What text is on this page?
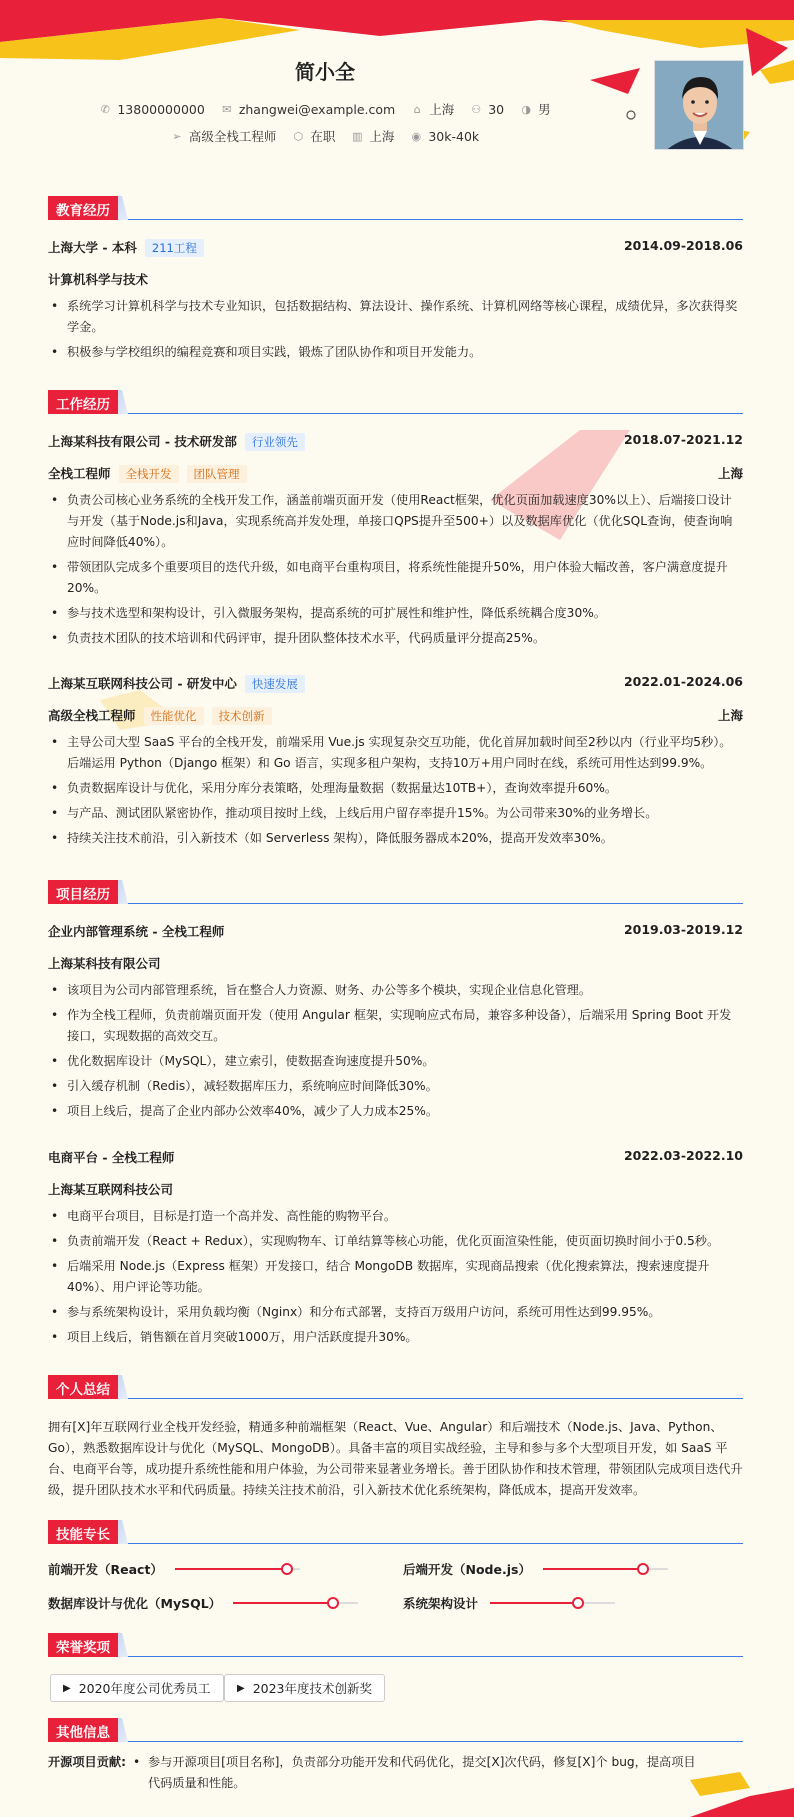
简小全
✆ 13800000000 ✉ zhangwei@example.com ⌂ 上海 ⚇ 30 ◑ 男
➢ 高级全栈工程师 ⬡ 在职 ▥ 上海 ◉ 30k-40k
教育经历
上海大学 - 本科 211工程	2014.09-2018.06
计算机科学与技术
• 系统学习计算机科学与技术专业知识，包括数据结构、算法设计、操作系统、计算机网络等核心课程，成绩优异，多次获得奖学金。
• 积极参与学校组织的编程竞赛和项目实践，锻炼了团队协作和项目开发能力。
工作经历
上海某科技有限公司 - 技术研发部 行业领先	2018.07-2021.12
全栈工程师 全栈开发 团队管理	上海
• 负责公司核心业务系统的全栈开发工作，涵盖前端页面开发（使用React框架，优化页面加载速度30%以上）、后端接口设计与开发（基于Node.js和Java，实现系统高并发处理，单接口QPS提升至500+）以及数据库优化（优化SQL查询，使查询响应时间降低40%）。
• 带领团队完成多个重要项目的迭代升级，如电商平台重构项目，将系统性能提升50%，用户体验大幅改善，客户满意度提升20%。
• 参与技术选型和架构设计，引入微服务架构，提高系统的可扩展性和维护性，降低系统耦合度30%。
• 负责技术团队的技术培训和代码评审，提升团队整体技术水平，代码质量评分提高25%。
上海某互联网科技公司 - 研发中心 快速发展	2022.01-2024.06
高级全栈工程师 性能优化 技术创新	上海
• 主导公司大型 SaaS 平台的全栈开发，前端采用 Vue.js 实现复杂交互功能，优化首屏加载时间至2秒以内（行业平均5秒）。后端运用 Python（Django 框架）和 Go 语言，实现多租户架构，支持10万+用户同时在线，系统可用性达到99.9%。
• 负责数据库设计与优化，采用分库分表策略，处理海量数据（数据量达10TB+），查询效率提升60%。
• 与产品、测试团队紧密协作，推动项目按时上线，上线后用户留存率提升15%。为公司带来30%的业务增长。
• 持续关注技术前沿，引入新技术（如 Serverless 架构），降低服务器成本20%，提高开发效率30%。
项目经历
企业内部管理系统 - 全栈工程师	2019.03-2019.12
上海某科技有限公司
• 该项目为公司内部管理系统，旨在整合人力资源、财务、办公等多个模块，实现企业信息化管理。
• 作为全栈工程师，负责前端页面开发（使用 Angular 框架，实现响应式布局，兼容多种设备），后端采用 Spring Boot 开发接口，实现数据的高效交互。
• 优化数据库设计（MySQL），建立索引，使数据查询速度提升50%。
• 引入缓存机制（Redis），减轻数据库压力，系统响应时间降低30%。
• 项目上线后，提高了企业内部办公效率40%，减少了人力成本25%。
电商平台 - 全栈工程师	2022.03-2022.10
上海某互联网科技公司
• 电商平台项目，目标是打造一个高并发、高性能的购物平台。
• 负责前端开发（React + Redux），实现购物车、订单结算等核心功能，优化页面渲染性能，使页面切换时间小于0.5秒。
• 后端采用 Node.js（Express 框架）开发接口，结合 MongoDB 数据库，实现商品搜索（优化搜索算法，搜索速度提升40%）、用户评论等功能。
• 参与系统架构设计，采用负载均衡（Nginx）和分布式部署，支持百万级用户访问，系统可用性达到99.95%。
• 项目上线后，销售额在首月突破1000万，用户活跃度提升30%。
个人总结
拥有[X]年互联网行业全栈开发经验，精通多种前端框架（React、Vue、Angular）和后端技术（Node.js、Java、Python、Go），熟悉数据库设计与优化（MySQL、MongoDB）。具备丰富的项目实战经验，主导和参与多个大型项目开发，如 SaaS 平台、电商平台等，成功提升系统性能和用户体验，为公司带来显著业务增长。善于团队协作和技术管理，带领团队完成项目迭代升级，提升团队技术水平和代码质量。持续关注技术前沿，引入新技术优化系统架构，降低成本，提高开发效率。
技能专长
前端开发（React）	后端开发（Node.js）
数据库设计与优化（MySQL）	系统架构设计
荣誉奖项
▶ 2020年度公司优秀员工	▶ 2023年度技术创新奖
其他信息
开源项目贡献: • 参与开源项目[项目名称]，负责部分功能开发和代码优化，提交[X]次代码，修复[X]个 bug，提高项目代码质量和性能。
